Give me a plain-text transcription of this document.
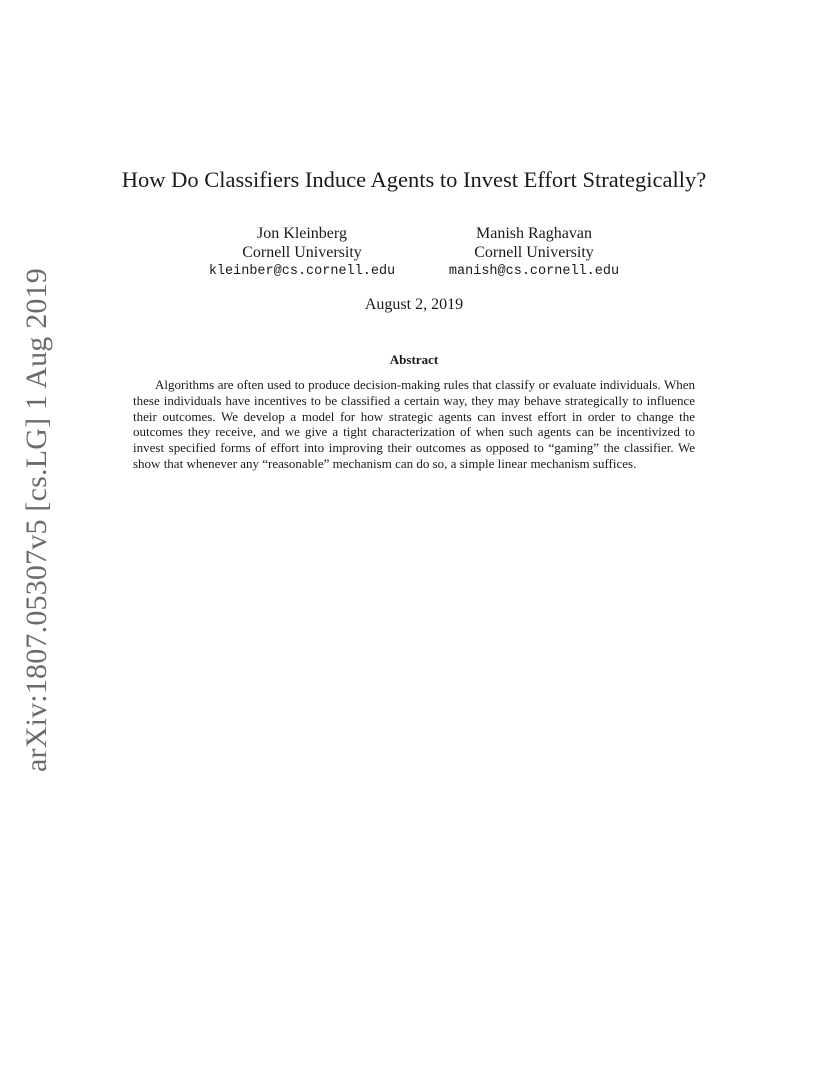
arXiv:1807.05307v5 [cs.LG] 1 Aug 2019
How Do Classifiers Induce Agents to Invest Effort Strategically?
Jon Kleinberg
Cornell University
kleinber@cs.cornell.edu
Manish Raghavan
Cornell University
manish@cs.cornell.edu
August 2, 2019
Abstract

Algorithms are often used to produce decision-making rules that classify or evaluate individuals. When these individuals have incentives to be classified a certain way, they may behave strategically to influence their outcomes. We develop a model for how strategic agents can invest effort in order to change the outcomes they receive, and we give a tight characterization of when such agents can be incentivized to invest specified forms of effort into improving their outcomes as opposed to “gaming” the classifier. We show that whenever any “reasonable” mechanism can do so, a simple linear mechanism suffices.
